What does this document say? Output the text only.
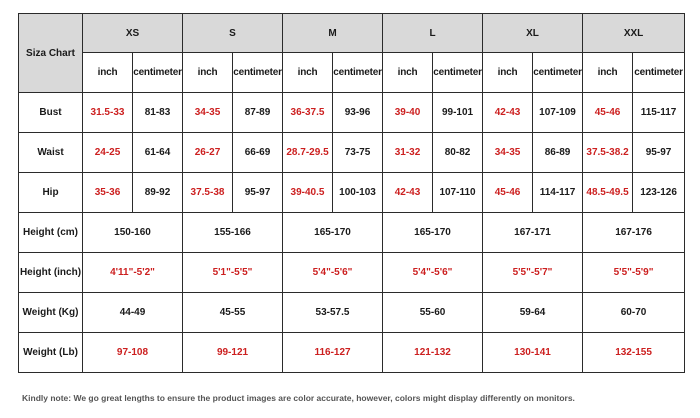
Siza Chart	XS		S		M		L		XL		XXL	
	inch	centimeter	inch	centimeter	inch	centimeter	inch	centimeter	inch	centimeter	inch	centimeter
Bust	31.5-33	81-83	34-35	87-89	36-37.5	93-96	39-40	99-101	42-43	107-109	45-46	115-117
Waist	24-25	61-64	26-27	66-69	28.7-29.5	73-75	31-32	80-82	34-35	86-89	37.5-38.2	95-97
Hip	35-36	89-92	37.5-38	95-97	39-40.5	100-103	42-43	107-110	45-46	114-117	48.5-49.5	123-126
Height (cm)	150-160		155-166		165-170		165-170		167-171		167-176	
Height (inch)	4'11"-5'2"		5'1"-5'5"		5'4"-5'6"		5'4"-5'6"		5'5"-5'7"		5'5"-5'9"	
Weight (Kg)	44-49		45-55		53-57.5		55-60		59-64		60-70	
Weight (Lb)	97-108		99-121		116-127		121-132		130-141		132-155	
Kindly note: We go great lengths to ensure the product images are color accurate, however, colors might display differently on monitors.
